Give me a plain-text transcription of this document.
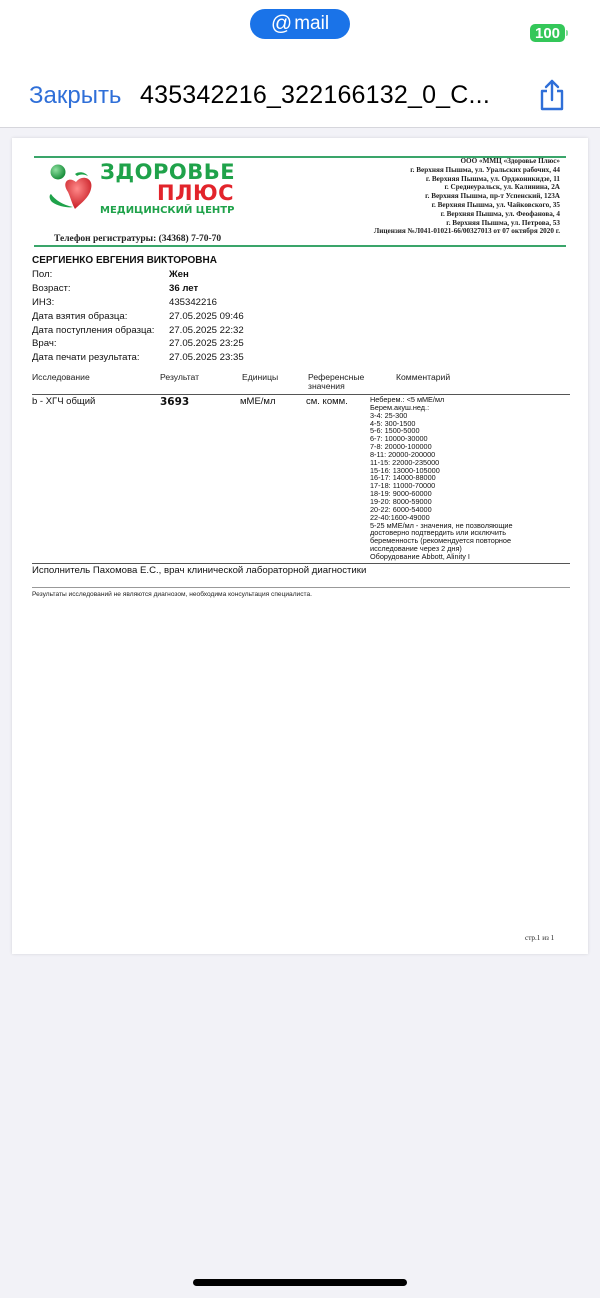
@ mail	100
Закрыть 435342216_322166132_0_С...
ЗДОРОВЬЕ
ПЛЮС
МЕДИЦИНСКИЙ ЦЕНТР
Телефон регистратуры: (34368) 7-70-70
ООО «ММЦ «Здоровье Плюс»
г. Верхняя Пышма, ул. Уральских рабочих, 44
г. Верхняя Пышма, ул. Орджоникидзе, 11
г. Среднеуральск, ул. Калинина, 2А
г. Верхняя Пышма, пр-т Успенский, 123А
г. Верхняя Пышма, ул. Чайковского, 35
г. Верхняя Пышма, ул. Феофанова, 4
г. Верхняя Пышма, ул. Петрова, 53
Лицензия №Л041-01021-66/00327013 от 07 октября 2020 г.
СЕРГИЕНКО ЕВГЕНИЯ ВИКТОРОВНА
Пол:	Жен
Возраст:	36 лет
ИНЗ:	435342216
Дата взятия образца:	27.05.2025 09:46
Дата поступления образца:	27.05.2025 22:32
Врач:	27.05.2025 23:25
Дата печати результата:	27.05.2025 23:35
Исследование	Результат	Единицы	Референсные
значения
Комментарий
b - ХГЧ общий	3693	мМЕ/мл	см. комм.	Неберем.: <5 мМЕ/мл
Берем.акуш.нед.:
3-4: 25-300
4-5: 300-1500
5-6: 1500-5000
6-7: 10000-30000
7-8: 20000-100000
8-11: 20000-200000
11-15: 22000-235000
15-16: 13000-105000
16-17: 14000-88000
17-18: 11000-70000
18-19: 9000-60000
19-20: 8000-59000
20-22: 6000-54000
22-40:1600-49000
5-25 мМЕ/мл - значения, не позволяющие
достоверно подтвердить или исключить
беременность (рекомендуется повторное
исследование через 2 дня)
Оборудование Abbott, Alinity I
Исполнитель Пахомова Е.С., врач клинической лабораторной диагностики
Результаты исследований не являются диагнозом, необходима консультация специалиста.
стр.1 из 1
